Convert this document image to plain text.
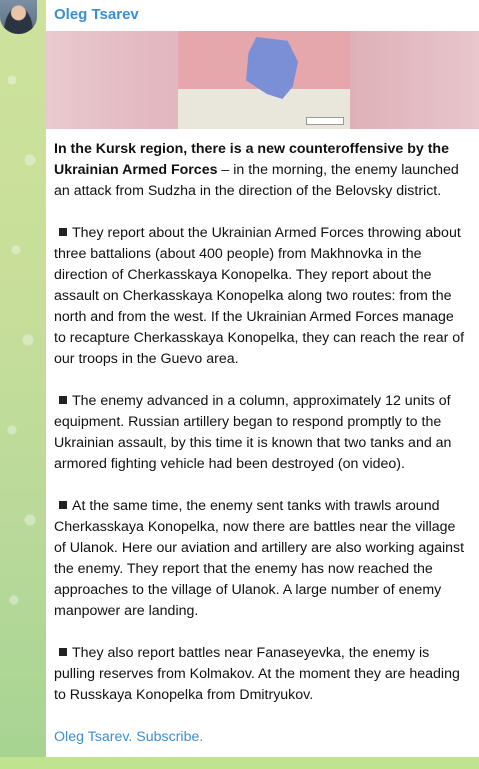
Oleg Tsarev

In the Kursk region, there is a new counteroffensive by the Ukrainian Armed Forces – in the morning, the enemy launched an attack from Sudzha in the direction of the Belovsky district.

They report about the Ukrainian Armed Forces throwing about three battalions (about 400 people) from Makhnovka in the direction of Cherkasskaya Konopelka. They report about the assault on Cherkasskaya Konopelka along two routes: from the north and from the west. If the Ukrainian Armed Forces manage to recapture Cherkasskaya Konopelka, they can reach the rear of our troops in the Guevo area.

The enemy advanced in a column, approximately 12 units of equipment. Russian artillery began to respond promptly to the Ukrainian assault, by this time it is known that two tanks and an armored fighting vehicle had been destroyed (on video).

At the same time, the enemy sent tanks with trawls around Cherkasskaya Konopelka, now there are battles near the village of Ulanok. Here our aviation and artillery are also working against the enemy. They report that the enemy has now reached the approaches to the village of Ulanok. A large number of enemy manpower are landing.

They also report battles near Fanaseyevka, the enemy is pulling reserves from Kolmakov. At the moment they are heading to Russkaya Konopelka from Dmitryukov.

Oleg Tsarev. Subscribe.
